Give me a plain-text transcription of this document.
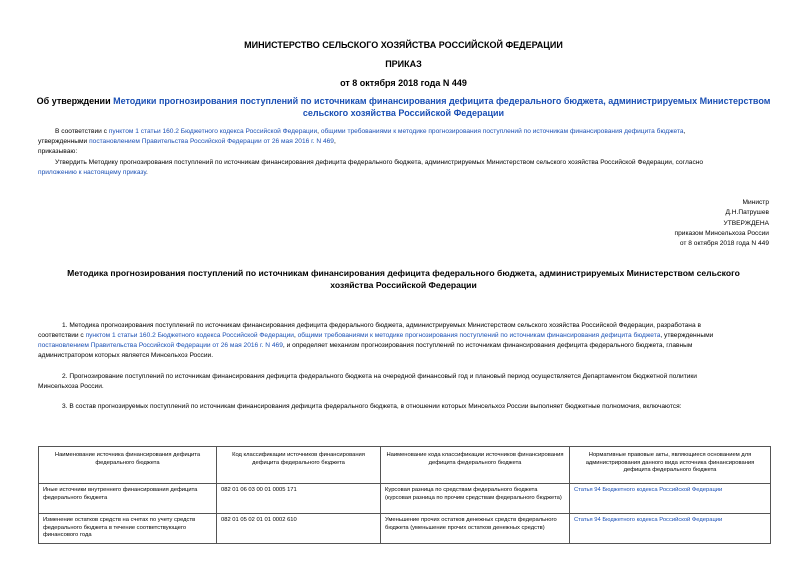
МИНИСТЕРСТВО СЕЛЬСКОГО ХОЗЯЙСТВА РОССИЙСКОЙ ФЕДЕРАЦИИ
ПРИКАЗ
от 8 октября 2018 года N 449
Об утверждении Методики прогнозирования поступлений по источникам финансирования дефицита федерального бюджета, администрируемых Министерством
сельского хозяйства Российской Федерации
В соответствии с пунктом 1 статьи 160.2 Бюджетного кодекса Российской Федерации, общими требованиями к методике прогнозирования поступлений по источникам финансирования дефицита бюджета,
утвержденными постановлением Правительства Российской Федерации от 26 мая 2016 г. N 469,
приказываю:
Утвердить Методику прогнозирования поступлений по источникам финансирования дефицита федерального бюджета, администрируемых Министерством сельского хозяйства Российской Федерации, согласно
приложению к настоящему приказу.
Министр
Д.Н.Патрушев
УТВЕРЖДЕНА
приказом Минсельхоза России
от 8 октября 2018 года N 449
Методика прогнозирования поступлений по источникам финансирования дефицита федерального бюджета, администрируемых Министерством сельского
хозяйства Российской Федерации
1. Методика прогнозирования поступлений по источникам финансирования дефицита федерального бюджета, администрируемых Министерством сельского хозяйства Российской Федерации, разработана в
соответствии с пунктом 1 статьи 160.2 Бюджетного кодекса Российской Федерации, общими требованиями к методике прогнозирования поступлений по источникам финансирования дефицита бюджета, утвержденными
постановлением Правительства Российской Федерации от 26 мая 2016 г. N 469, и определяет механизм прогнозирования поступлений по источникам финансирования дефицита федерального бюджета, главным
администратором которых является Минсельхоз России.
2. Прогнозирование поступлений по источникам финансирования дефицита федерального бюджета на очередной финансовый год и плановый период осуществляется Департаментом бюджетной политики
Минсельхоза России.
3. В состав прогнозируемых поступлений по источникам финансирования дефицита федерального бюджета, в отношении которых Минсельхоз России выполняет бюджетные полномочия, включаются:
Наименование источника финансирования дефицита федерального бюджета	Код классификации источников финансирования дефицита федерального бюджета	Наименование кода классификации источников финансирования дефицита федерального бюджета	Нормативные правовые акты, являющиеся основанием для администрирования данного вида источника финансирования дефицита федерального бюджета
Иные источники внутреннего финансирования дефицита федерального бюджета	082 01 06 03 00 01 0005 171	Курсовая разница по средствам федерального бюджета (курсовая разница по прочим средствам федерального бюджета)	Статья 94 Бюджетного кодекса Российской Федерации
Изменение остатков средств на счетах по учету средств федерального бюджета в течение соответствующего финансового года	082 01 05 02 01 01 0002 610	Уменьшение прочих остатков денежных средств федерального бюджета (уменьшение прочих остатков денежных средств)	Статья 94 Бюджетного кодекса Российской Федерации
